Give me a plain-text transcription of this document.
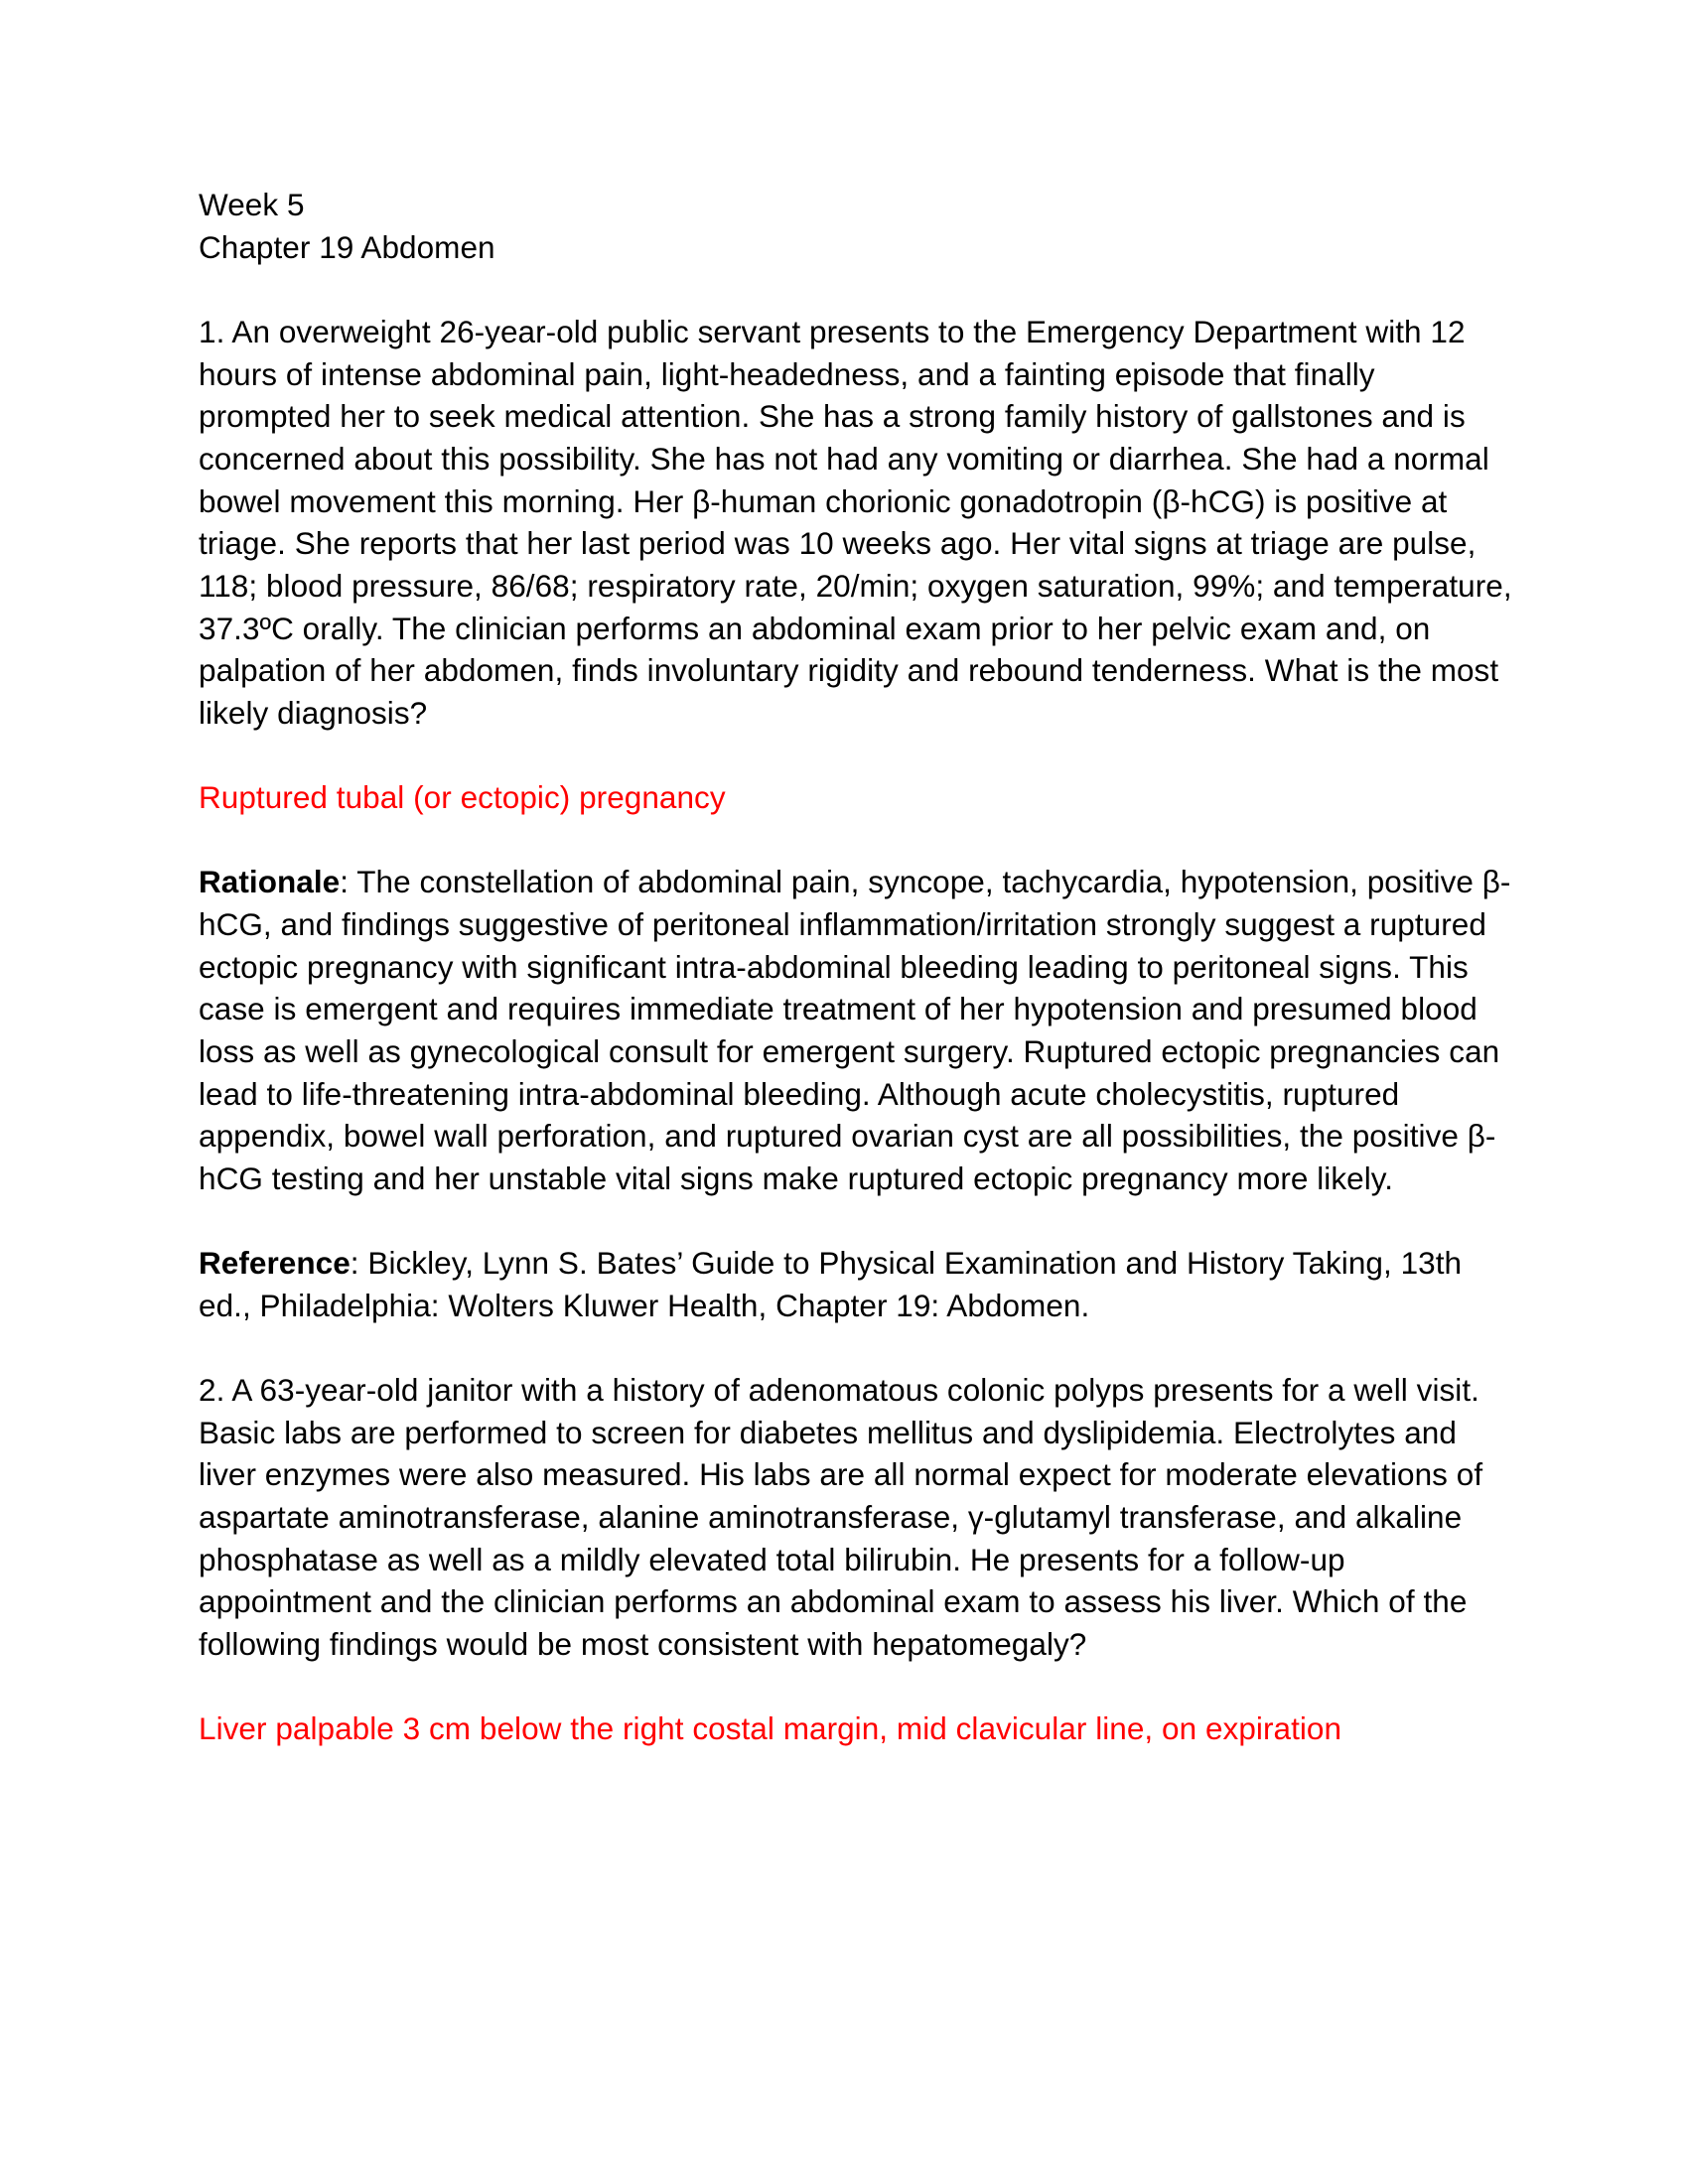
Week 5
Chapter 19 Abdomen

1. An overweight 26-year-old public servant presents to the Emergency Department with 12 hours of intense abdominal pain, light-headedness, and a fainting episode that finally prompted her to seek medical attention. She has a strong family history of gallstones and is concerned about this possibility. She has not had any vomiting or diarrhea. She had a normal bowel movement this morning. Her β-human chorionic gonadotropin (β-hCG) is positive at triage. She reports that her last period was 10 weeks ago. Her vital signs at triage are pulse, 118; blood pressure, 86/68; respiratory rate, 20/min; oxygen saturation, 99%; and temperature, 37.3ºC orally. The clinician performs an abdominal exam prior to her pelvic exam and, on palpation of her abdomen, finds involuntary rigidity and rebound tenderness. What is the most likely diagnosis?

Ruptured tubal (or ectopic) pregnancy

Rationale: The constellation of abdominal pain, syncope, tachycardia, hypotension, positive β-hCG, and findings suggestive of peritoneal inflammation/irritation strongly suggest a ruptured ectopic pregnancy with significant intra-abdominal bleeding leading to peritoneal signs. This case is emergent and requires immediate treatment of her hypotension and presumed blood loss as well as gynecological consult for emergent surgery. Ruptured ectopic pregnancies can lead to life-threatening intra-abdominal bleeding. Although acute cholecystitis, ruptured appendix, bowel wall perforation, and ruptured ovarian cyst are all possibilities, the positive β-hCG testing and her unstable vital signs make ruptured ectopic pregnancy more likely.

Reference: Bickley, Lynn S. Bates’ Guide to Physical Examination and History Taking, 13th ed., Philadelphia: Wolters Kluwer Health, Chapter 19: Abdomen.

2. A 63-year-old janitor with a history of adenomatous colonic polyps presents for a well visit. Basic labs are performed to screen for diabetes mellitus and dyslipidemia. Electrolytes and liver enzymes were also measured. His labs are all normal expect for moderate elevations of aspartate aminotransferase, alanine aminotransferase, γ-glutamyl transferase, and alkaline phosphatase as well as a mildly elevated total bilirubin. He presents for a follow-up appointment and the clinician performs an abdominal exam to assess his liver. Which of the following findings would be most consistent with hepatomegaly?

Liver palpable 3 cm below the right costal margin, mid clavicular line, on expiration
